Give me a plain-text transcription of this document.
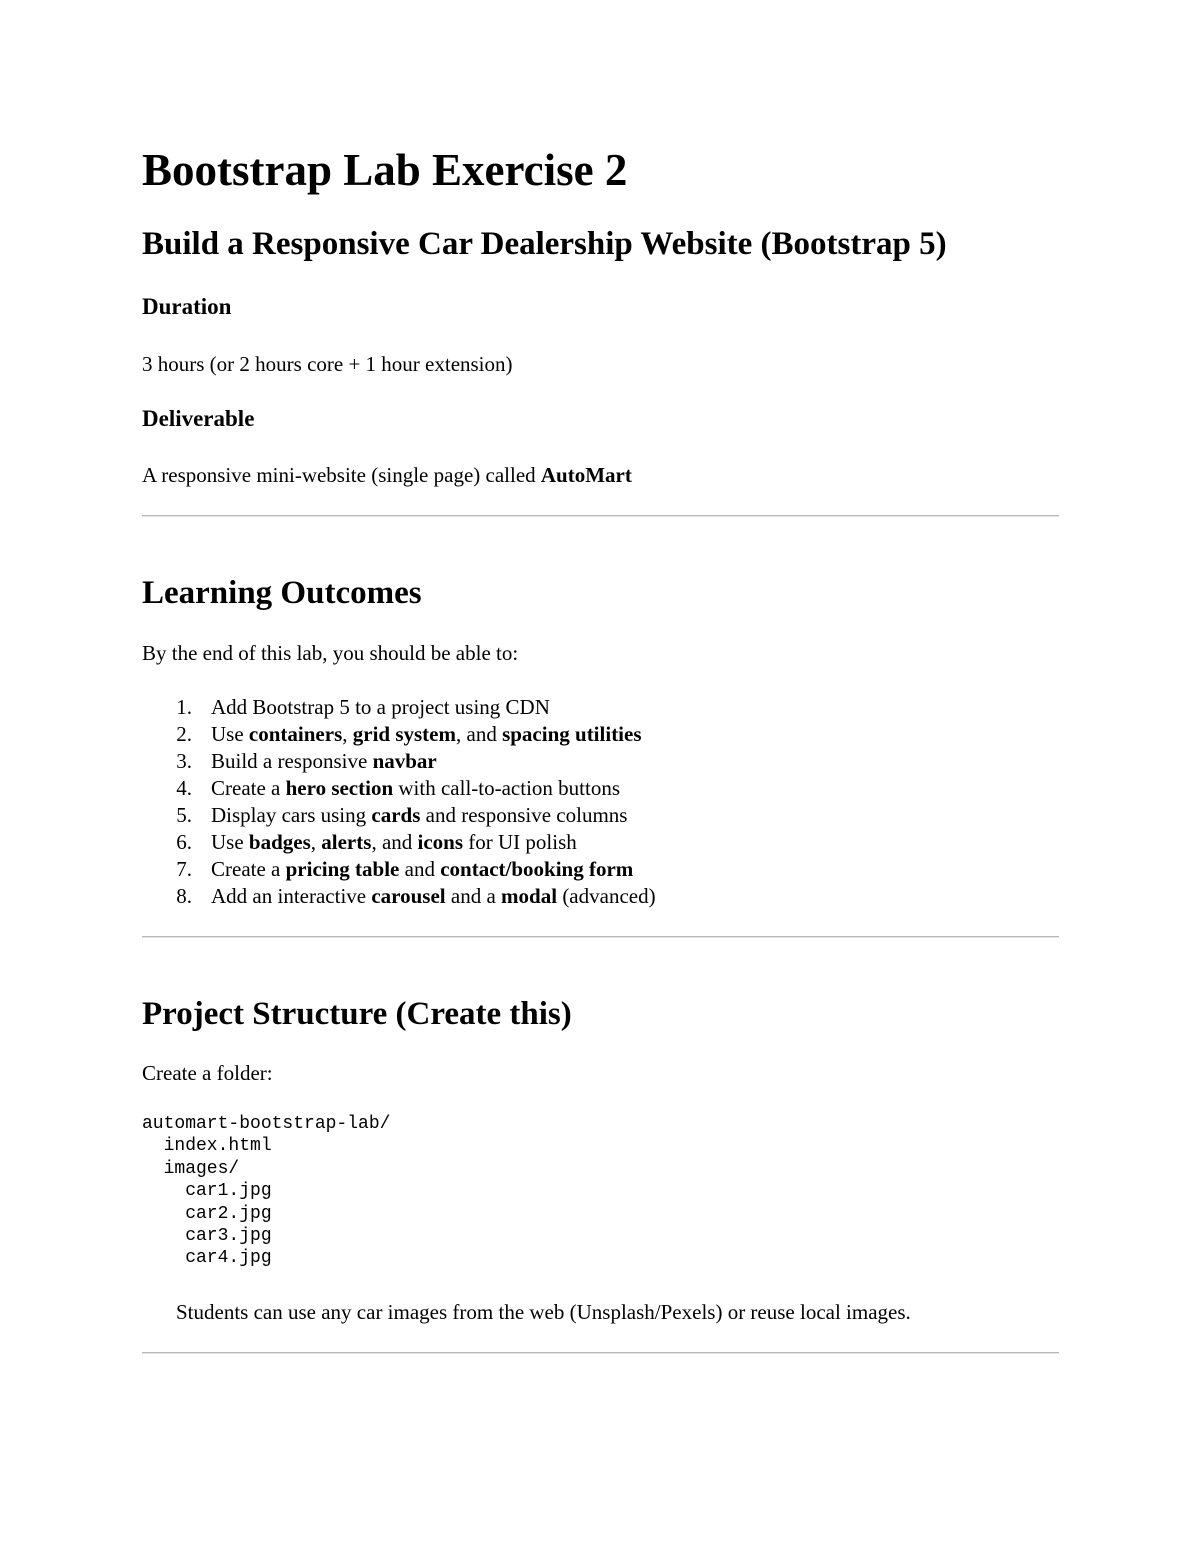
Bootstrap Lab Exercise 2
Build a Responsive Car Dealership Website (Bootstrap 5)
Duration

3 hours (or 2 hours core + 1 hour extension)

Deliverable

A responsive mini-website (single page) called AutoMart

Learning Outcomes

By the end of this lab, you should be able to:

1. Add Bootstrap 5 to a project using CDN
2. Use containers, grid system, and spacing utilities
3. Build a responsive navbar
4. Create a hero section with call-to-action buttons
5. Display cars using cards and responsive columns
6. Use badges, alerts, and icons for UI polish
7. Create a pricing table and contact/booking form
8. Add an interactive carousel and a modal (advanced)
Project Structure (Create this)

Create a folder:

automart-bootstrap-lab/
index.html
images/
car1.jpg
car2.jpg
car3.jpg
car4.jpg

Students can use any car images from the web (Unsplash/Pexels) or reuse local images.
